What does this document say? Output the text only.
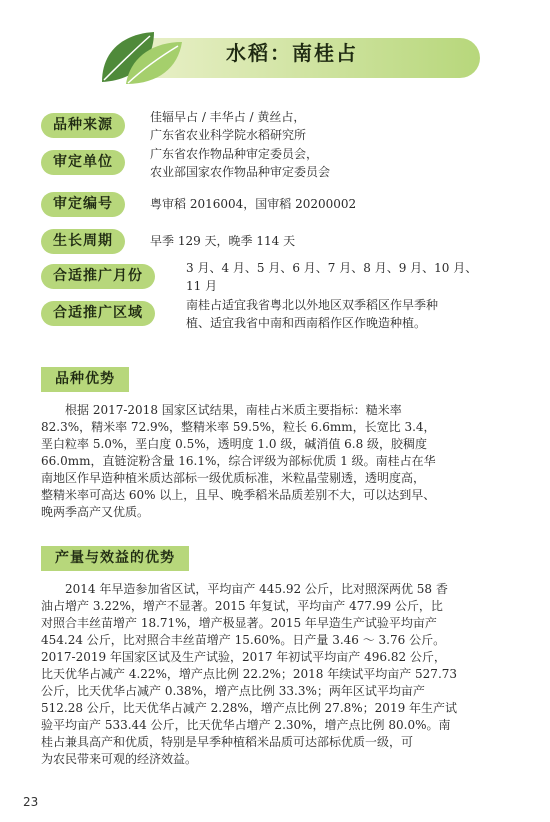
水稻：南桂占
品种来源	佳辐早占 / 丰华占 / 黄丝占，
广东省农业科学院水稻研究所
审定单位	广东省农作物品种审定委员会，
农业部国家农作物品种审定委员会
审定编号	粤审稻 2016004，国审稻 20200002
生长周期	早季 129 天，晚季 114 天
合适推广月份	3 月、4 月、5 月、6 月、7 月、8 月、9 月、10 月、
11 月
合适推广区域	南桂占适宜我省粤北以外地区双季稻区作早季种
植、适宜我省中南和西南稻作区作晚造种植。
品种优势
　　根据 2017-2018 国家区试结果，南桂占米质主要指标：糙米率
82.3%，精米率 72.9%，整精米率 59.5%，粒长 6.6mm，长宽比 3.4，
垩白粒率 5.0%，垩白度 0.5%，透明度 1.0 级，碱消值 6.8 级，胶稠度
66.0mm，直链淀粉含量 16.1%，综合评级为部标优质 1 级。南桂占在华
南地区作早造种植米质达部标一级优质标准，米粒晶莹剔透，透明度高，
整精米率可高达 60% 以上，且早、晚季稻米品质差别不大，可以达到早、
晚两季高产又优质。
产量与效益的优势
　　2014 年早造参加省区试，平均亩产 445.92 公斤，比对照深两优 58 香
油占增产 3.22%，增产不显著。2015 年复试，平均亩产 477.99 公斤，比
对照合丰丝苗增产 18.71%，增产极显著。2015 年早造生产试验平均亩产
454.24 公斤，比对照合丰丝苗增产 15.60%。日产量 3.46 ～ 3.76 公斤。
2017-2019 年国家区试及生产试验，2017 年初试平均亩产 496.82 公斤，
比天优华占减产 4.22%，增产点比例 22.2%；2018 年续试平均亩产 527.73
公斤，比天优华占减产 0.38%，增产点比例 33.3%；两年区试平均亩产
512.28 公斤，比天优华占减产 2.28%，增产点比例 27.8%；2019 年生产试
验平均亩产 533.44 公斤，比天优华占增产 2.30%，增产点比例 80.0%。南
桂占兼具高产和优质，特别是早季种植稻米品质可达部标优质一级，可
为农民带来可观的经济效益。
23
